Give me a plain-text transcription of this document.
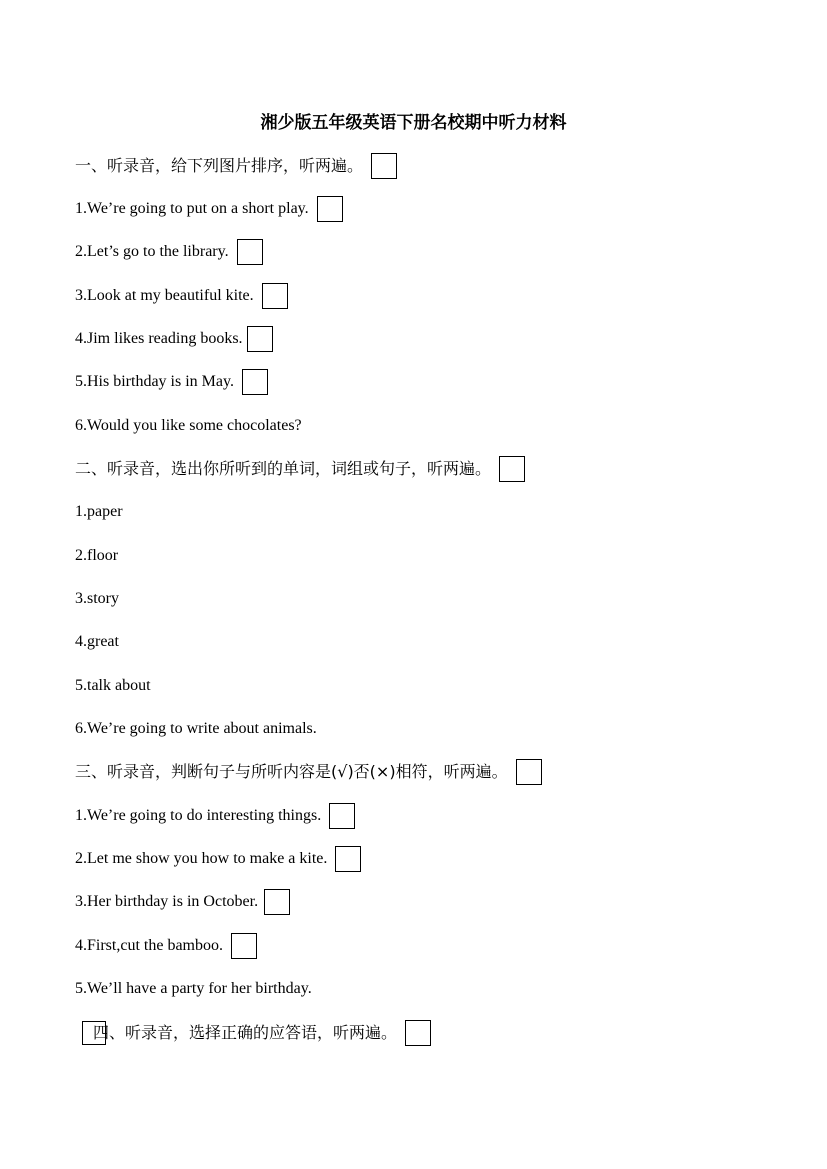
湘少版五年级英语下册名校期中听力材料
一、听录音，给下列图片排序，听两遍。
1.We’re going to put on a short play.
2.Let’s go to the library.
3.Look at my beautiful kite.
4.Jim likes reading books.
5.His birthday is in May.
6.Would you like some chocolates?
二、听录音，选出你所听到的单词，词组或句子，听两遍。
1.paper
2.floor
3.story
4.great
5.talk about
6.We’re going to write about animals.
三、听录音，判断句子与所听内容是(√)否(×)相符，听两遍。
1.We’re going to do interesting things.
2.Let me show you how to make a kite.
3.Her birthday is in October.
4.First,cut the bamboo.
5.We’ll have a party for her birthday.
四、听录音，选择正确的应答语，听两遍。
